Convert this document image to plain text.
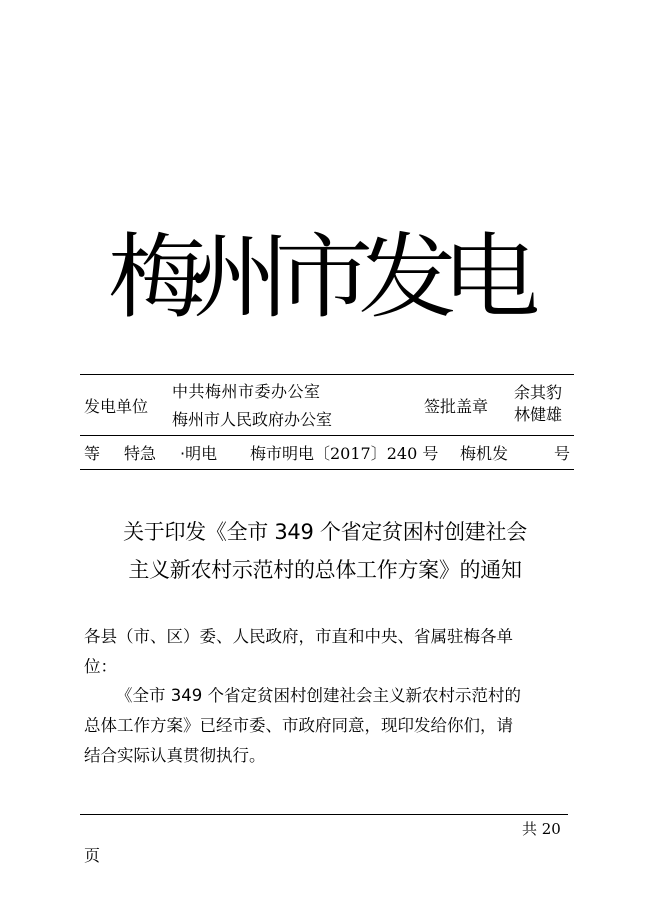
梅州市发电
发电单位
中共梅州市委办公室
梅州市人民政府办公室
签批盖章
余其豹
林健雄
等 特急 ·明电 梅市明电〔2017〕240 号 梅机发	号
关于印发《全市 349 个省定贫困村创建社会
主义新农村示范村的总体工作方案》的通知
各县（市、区）委、人民政府，市直和中央、省属驻梅各单
位：
《全市 349 个省定贫困村创建社会主义新农村示范村的
总体工作方案》已经市委、市政府同意，现印发给你们，请
结合实际认真贯彻执行。
共 20
页
